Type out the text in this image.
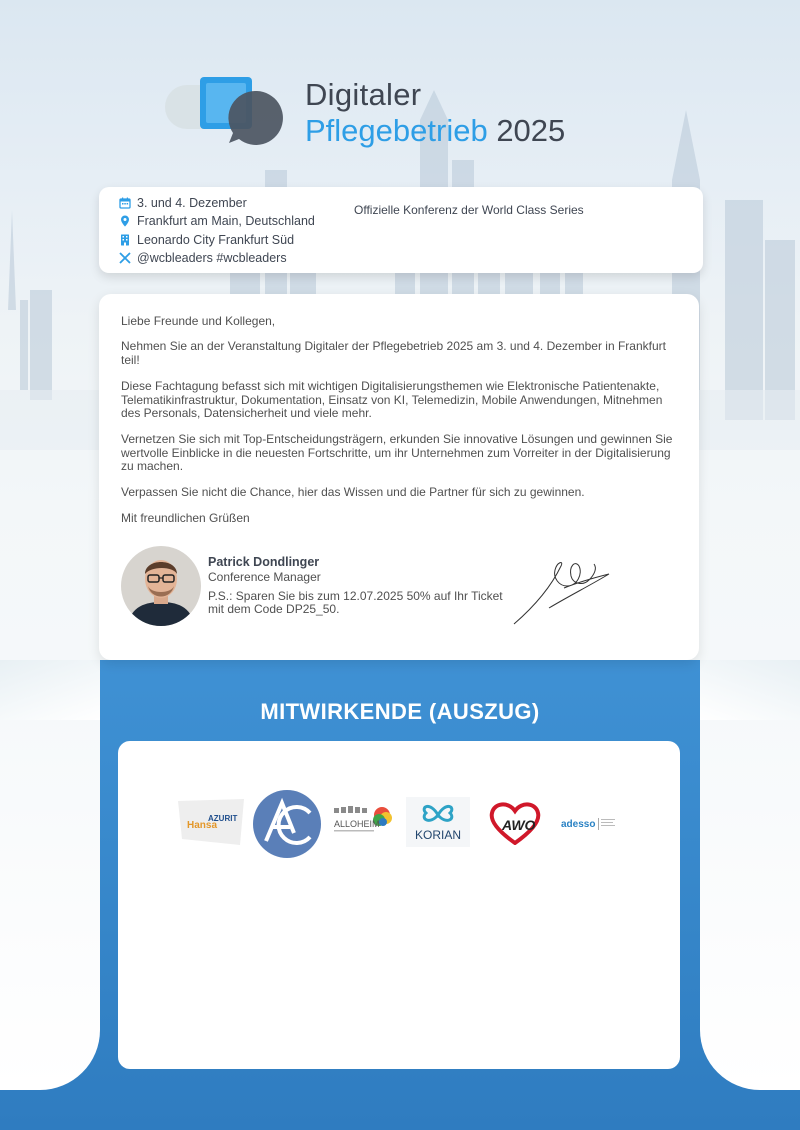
Digitaler
Pflegebetrieb 2025
3. und 4. Dezember
Frankfurt am Main, Deutschland
Leonardo City Frankfurt Süd
@wcbleaders #wcbleaders
Offizielle Konferenz der World Class Series

Liebe Freunde und Kollegen,

Nehmen Sie an der Veranstaltung Digitaler der Pflegebetrieb 2025 am 3. und 4. Dezember in Frankfurt teil!

Diese Fachtagung befasst sich mit wichtigen Digitalisierungsthemen wie Elektronische Patientenakte, Telematikinfrastruktur, Dokumentation, Einsatz von KI, Telemedizin, Mobile Anwendungen, Mitnehmen des Personals, Datensicherheit und viele mehr.

Vernetzen Sie sich mit Top-Entscheidungsträgern, erkunden Sie innovative Lösungen und gewinnen Sie wertvolle Einblicke in die neuesten Fortschritte, um ihr Unternehmen zum Vorreiter in der Digitalisierung zu machen.

Verpassen Sie nicht die Chance, hier das Wissen und die Partner für sich zu gewinnen.

Mit freundlichen Grüßen

Patrick Dondlinger
Conference Manager
P.S.: Sparen Sie bis zum 12.07.2025 50% auf Ihr Ticket mit dem Code DP25_50.
MITWIRKENDE (AUSZUG)
Hansa
AZURIT
ALLOHEIM
KORIAN
AWO	adesso
